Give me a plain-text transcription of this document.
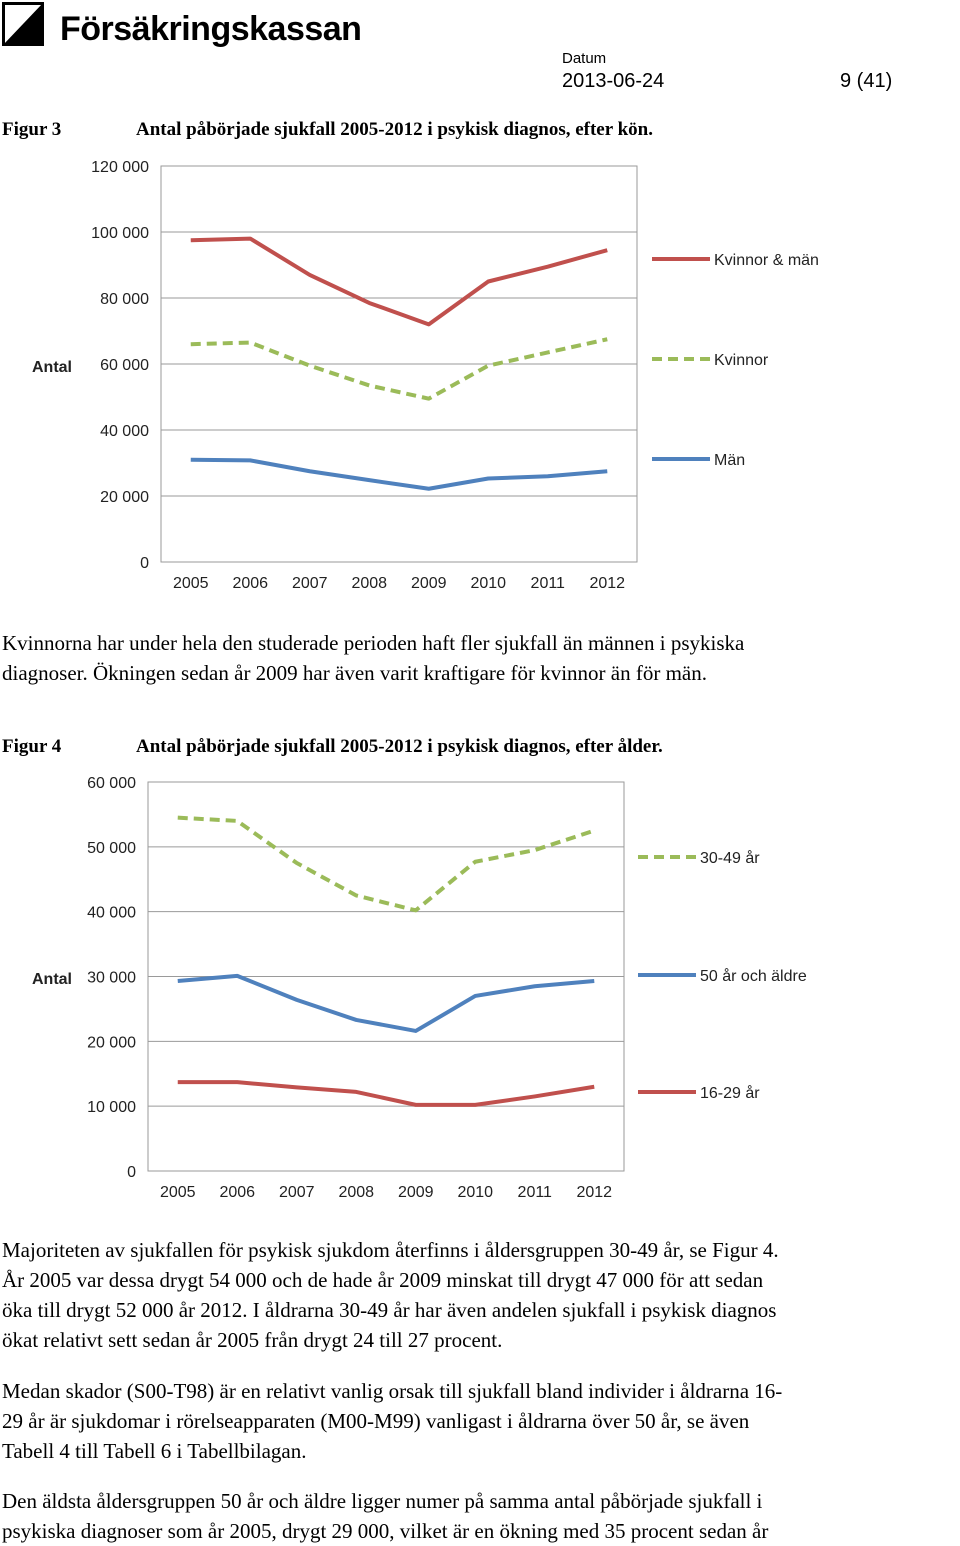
Försäkringskassan
Datum
2013-06-24	9 (41)
Figur 3	Antal påbörjade sjukfall 2005-2012 i psykisk diagnos, efter kön.
0
20 000
40 000
60 000
80 000
100 000
120 000
2005 2006 2007 2008 2009 2010 2011 2012
Antal
Kvinnor & män
Kvinnor
Män
Kvinnorna har under hela den studerade perioden haft fler sjukfall än männen i psykiska
diagnoser. Ökningen sedan år 2009 har även varit kraftigare för kvinnor än för män.
Figur 4	Antal påbörjade sjukfall 2005-2012 i psykisk diagnos, efter ålder.
0
10 000
20 000
30 000
40 000
50 000
60 000
2005 2006 2007 2008 2009 2010 2011 2012
Antal
30-49 år
50 år och äldre
16-29 år
Majoriteten av sjukfallen för psykisk sjukdom återfinns i åldersgruppen 30-49 år, se Figur 4.
År 2005 var dessa drygt 54 000 och de hade år 2009 minskat till drygt 47 000 för att sedan
öka till drygt 52 000 år 2012. I åldrarna 30-49 år har även andelen sjukfall i psykisk diagnos
ökat relativt sett sedan år 2005 från drygt 24 till 27 procent.
Medan skador (S00-T98) är en relativt vanlig orsak till sjukfall bland individer i åldrarna 16-
29 år är sjukdomar i rörelseapparaten (M00-M99) vanligast i åldrarna över 50 år, se även
Tabell 4 till Tabell 6 i Tabellbilagan.
Den äldsta åldersgruppen 50 år och äldre ligger numer på samma antal påbörjade sjukfall i
psykiska diagnoser som år 2005, drygt 29 000, vilket är en ökning med 35 procent sedan år
